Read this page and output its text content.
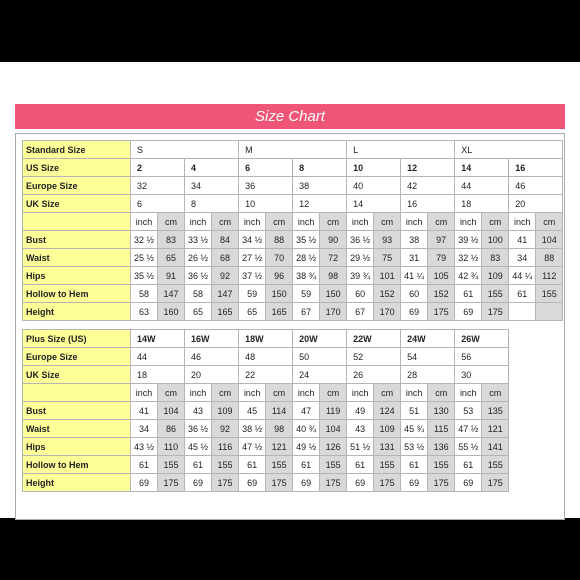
Size Chart
Standard Size	S				M				L				XL			
US Size	2		4		6		8		10		12		14		16	
Europe Size	32		34		36		38		40		42		44		46	
UK Size	6		8		10		12		14		16		18		20	
	inch	cm	inch	cm	inch	cm	inch	cm	inch	cm	inch	cm	inch	cm	inch	cm
Bust	32 ½	83	33 ½	84	34 ½	88	35 ½	90	36 ½	93	38	97	39 ½	100	41	104
Waist	25 ½	65	26 ½	68	27 ½	70	28 ½	72	29 ½	75	31	79	32 ½	83	34	88
Hips	35 ½	91	36 ½	92	37 ½	96	38 ¾	98	39 ¾	101	41 ¼	105	42 ¾	109	44 ¼	112
Hollow to Hem	58	147	58	147	59	150	59	150	60	152	60	152	61	155	61	155
Height	63	160	65	165	65	165	67	170	67	170	69	175	69	175		
Plus Size (US)	14W		16W		18W		20W		22W		24W		26W	
Europe Size	44		46		48		50		52		54		56	
UK Size	18		20		22		24		26		28		30	
	inch	cm	inch	cm	inch	cm	inch	cm	inch	cm	inch	cm	inch	cm
Bust	41	104	43	109	45	114	47	119	49	124	51	130	53	135
Waist	34	86	36 ½	92	38 ½	98	40 ¾	104	43	109	45 ¾	115	47 ½	121
Hips	43 ½	110	45 ½	116	47 ½	121	49 ½	126	51 ½	131	53 ½	136	55 ½	141
Hollow to Hem	61	155	61	155	61	155	61	155	61	155	61	155	61	155
Height	69	175	69	175	69	175	69	175	69	175	69	175	69	175
